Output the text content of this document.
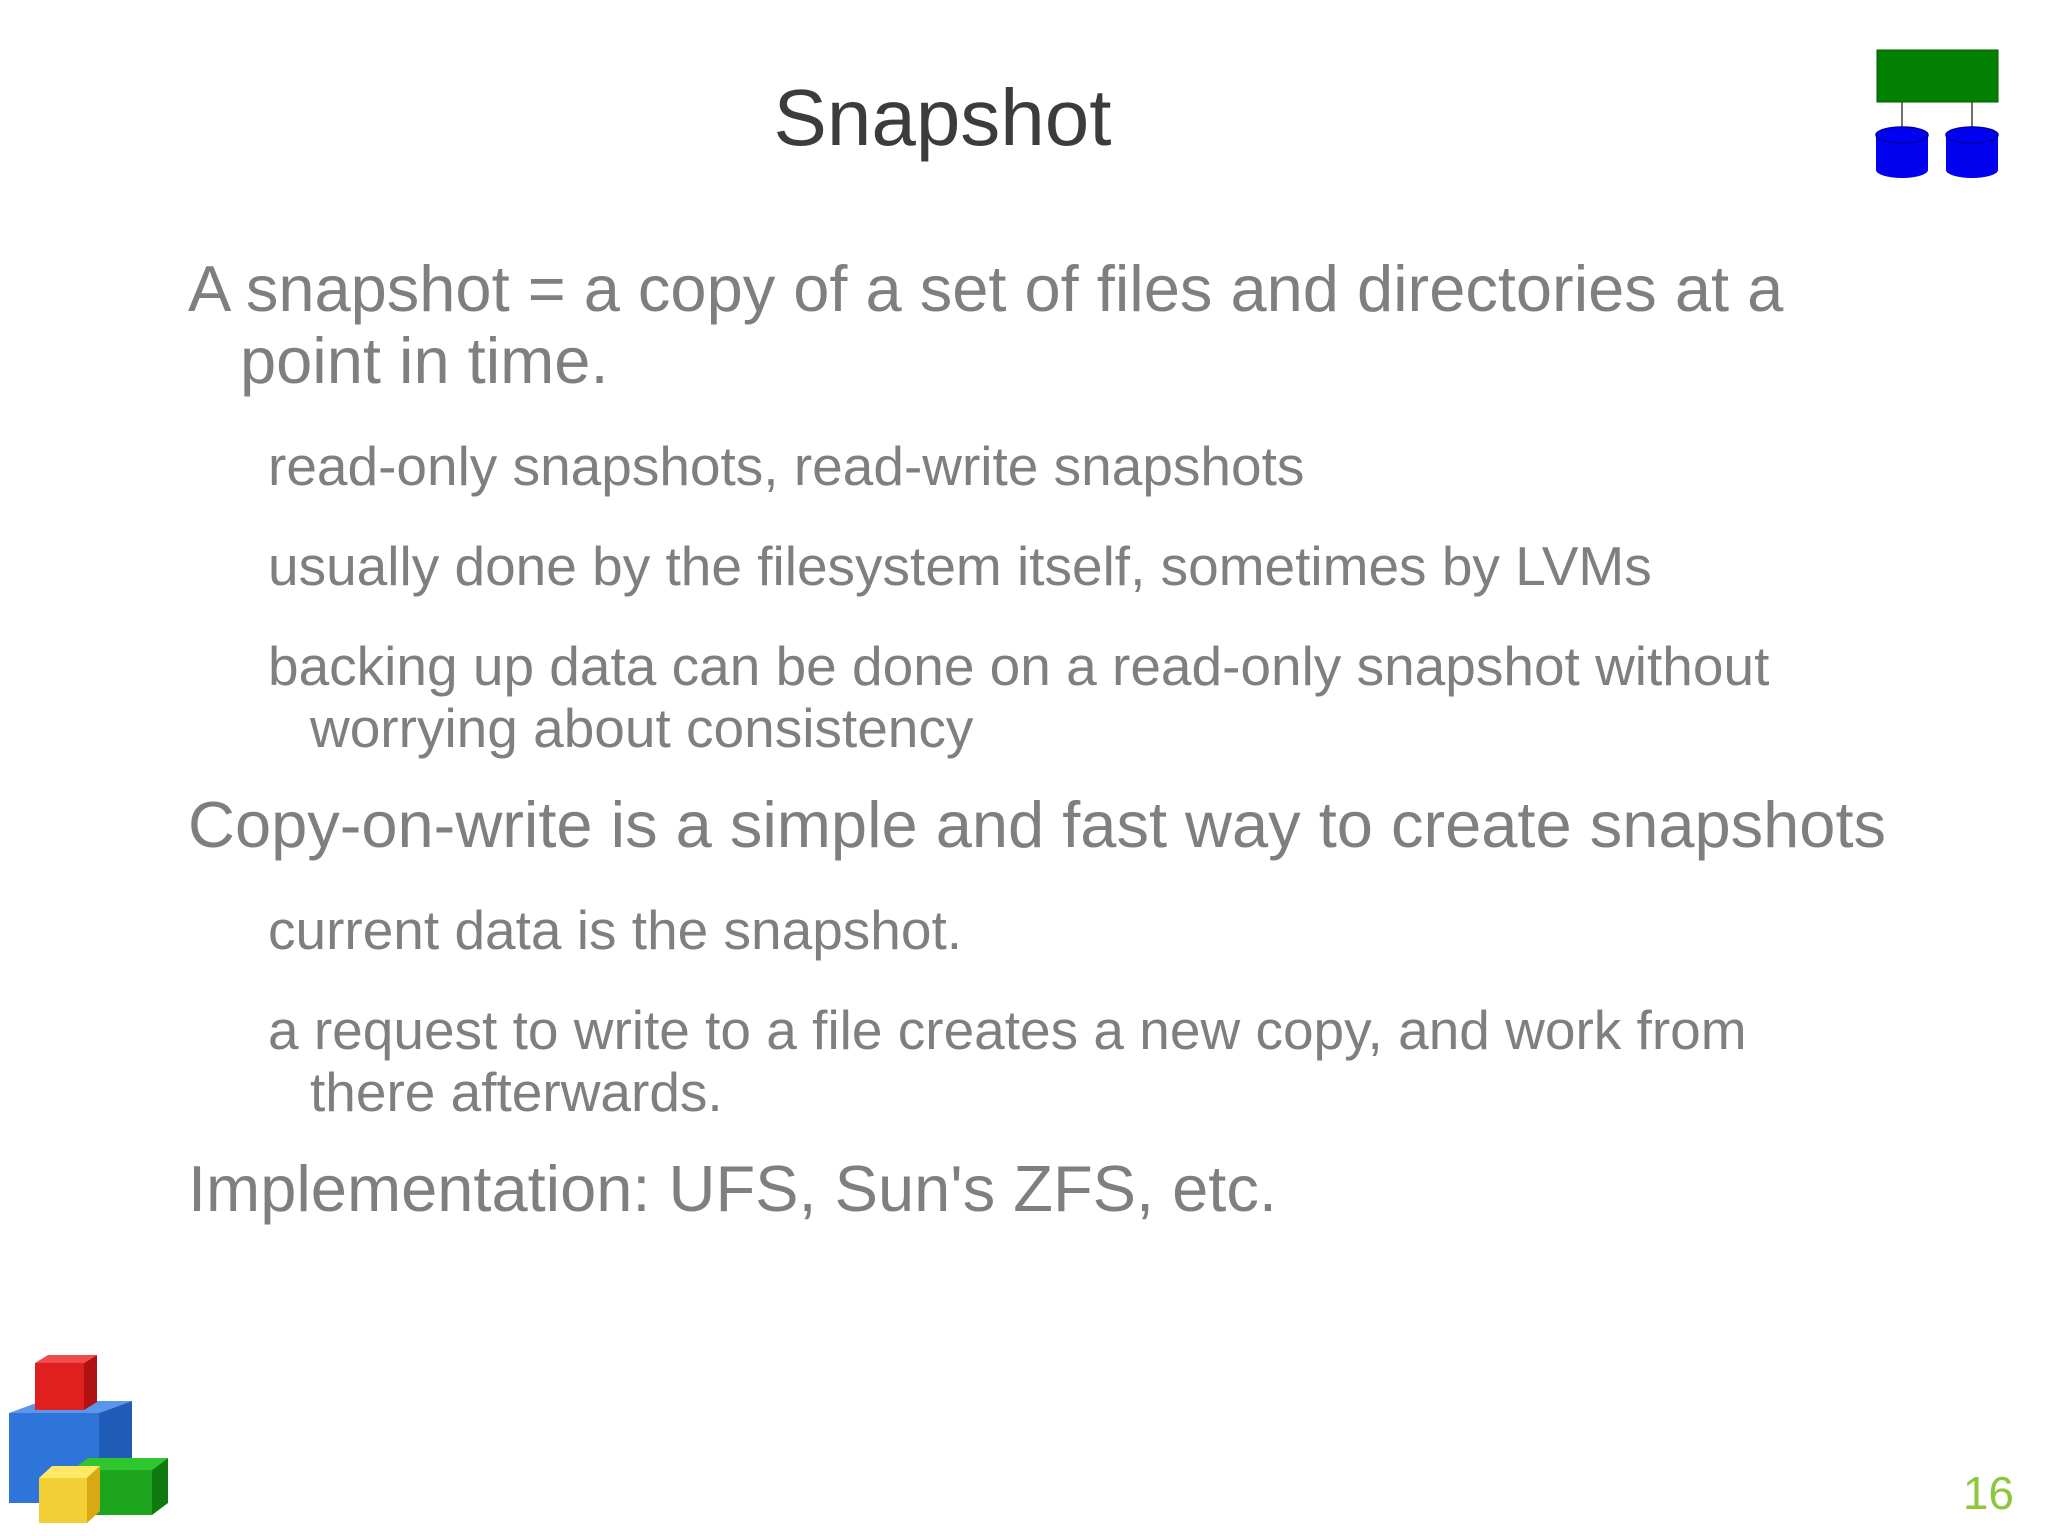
Snapshot
A snapshot = a copy of a set of files and directories at a
point in time.
read-only snapshots, read-write snapshots
usually done by the filesystem itself, sometimes by LVMs
backing up data can be done on a read-only snapshot without
worrying about consistency
Copy-on-write is a simple and fast way to create snapshots
current data is the snapshot.
a request to write to a file creates a new copy, and work from
there afterwards.
Implementation: UFS, Sun's ZFS, etc.
16
